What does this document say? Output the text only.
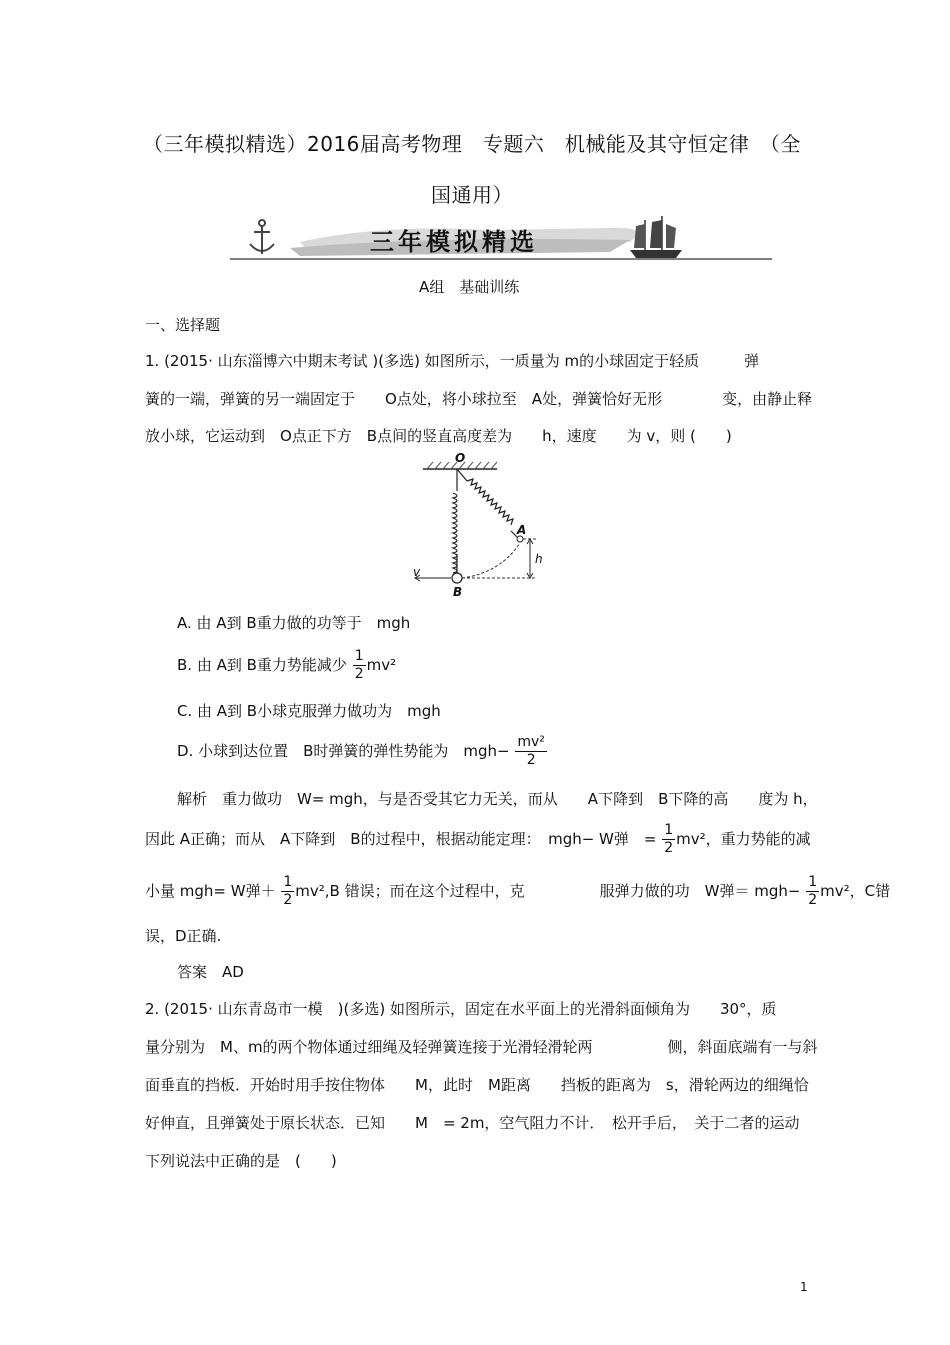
（三年模拟精选）2016届高考物理　专题六　机械能及其守恒定律　（全
国通用）
三年模拟精选
A组　基础训练
一、选择题
1. (2015· 山东淄博六中期末考试 )(多选) 如图所示，一质量为 m的小球固定于轻质　　　弹
簧的一端，弹簧的另一端固定于　　O点处，将小球拉至　A处，弹簧恰好无形　　　　变，由静止释
放小球，它运动到　O点正下方　B点间的竖直高度差为　　h，速度　　为 v，则 (　　)
O
A
B
h
v
A. 由 A到 B重力做的功等于　mgh
B. 由 A到 B重力势能减少 $\frac{1}{2} mv^2$
C. 由 A到 B小球克服弹力做功为　mgh
D. 小球到达位置　B时弹簧的弹性势能为　$mgh- \frac{\text{mv²}}{2}$
解析　重力做功　W= mgh，与是否受其它力无关，而从　　A下降到　B下降的高　　度为 h，
因此 A正确；而从　A下降到　B的过程中，根据动能定理：　mgh− W弹　= $\frac{1}{2} mv^2$，重力势能的减
小量 mgh= W弹＋ $\frac{1}{2} mv^2,B$ 错误；而在这个过程中，克　　　　　服弹力做的功　W弹＝ $mgh- \frac{1}{2} mv^2$，C错
误，D正确.
答案　AD
2. (2015· 山东青岛市一模　)(多选) 如图所示，固定在水平面上的光滑斜面倾角为　　30°，质
量分别为　M、m的两个物体通过细绳及轻弹簧连接于光滑轻滑轮两　　　　　侧，斜面底端有一与斜
面垂直的挡板．开始时用手按住物体　　M，此时　M距离　　挡板的距离为　s，滑轮两边的细绳恰
好伸直，且弹簧处于原长状态．已知　　M　= 2m，空气阻力不计．　松开手后，　关于二者的运动
下列说法中正确的是　(　　)
1
